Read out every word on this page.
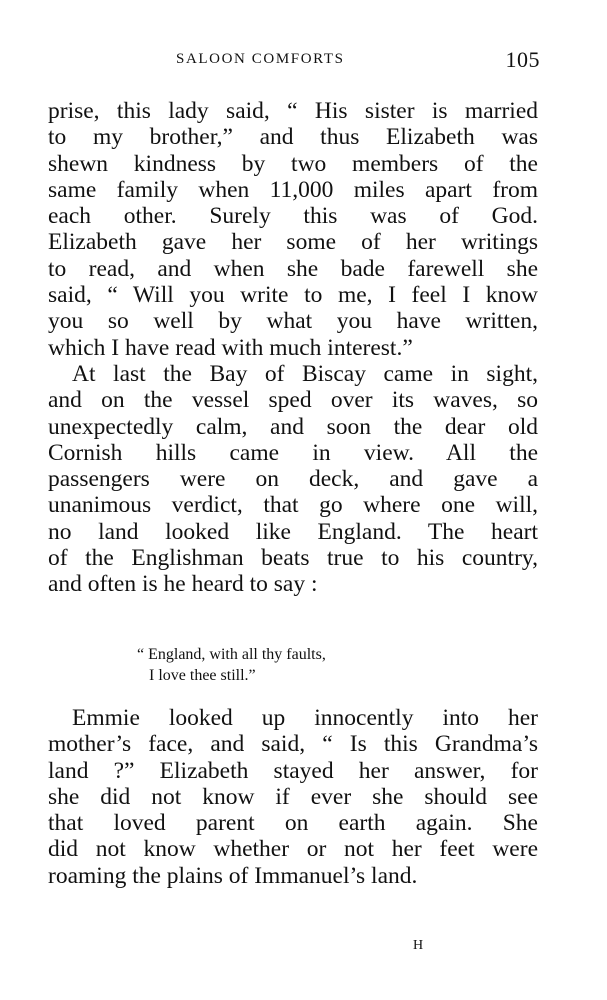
SALOON COMFORTS	105
prise, this lady said, “ His sister is married
to my brother,” and thus Elizabeth was
shewn kindness by two members of the
same family when 11,000 miles apart from
each other. Surely this was of God.
Elizabeth gave her some of her writings
to read, and when she bade farewell she
said, “ Will you write to me, I feel I know
you so well by what you have written,
which I have read with much interest.”
At last the Bay of Biscay came in sight,
and on the vessel sped over its waves, so
unexpectedly calm, and soon the dear old
Cornish hills came in view. All the
passengers were on deck, and gave a
unanimous verdict, that go where one will,
no land looked like England. The heart
of the Englishman beats true to his country,
and often is he heard to say :
“ England, with all thy faults,
I love thee still.”
Emmie looked up innocently into her
mother’s face, and said, “ Is this Grandma’s
land ?” Elizabeth stayed her answer, for
she did not know if ever she should see
that loved parent on earth again. She
did not know whether or not her feet were
roaming the plains of Immanuel’s land.
H
